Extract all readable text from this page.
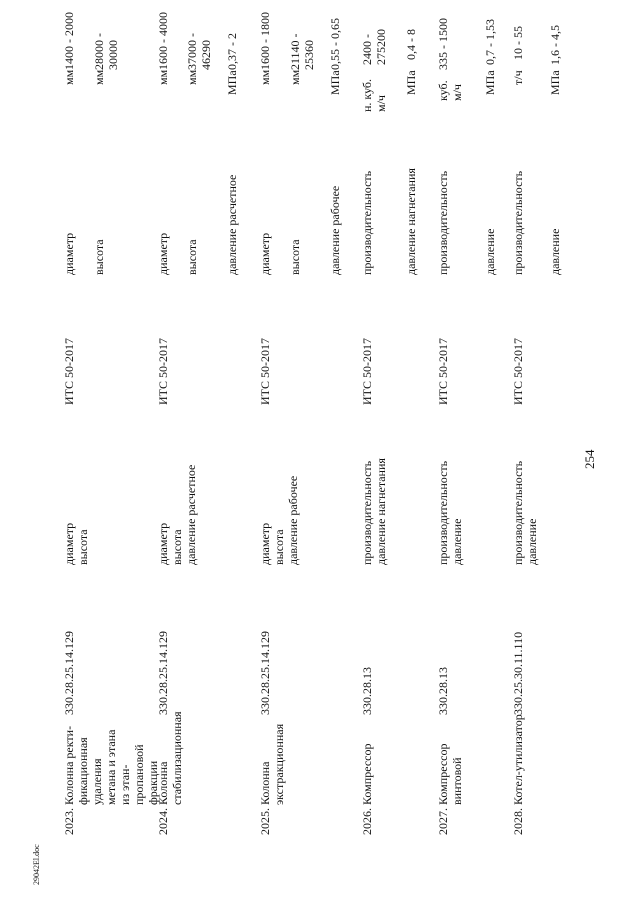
254
29042El.doc
2023.
Колонна ректи-фикационная удаления метана и этана из этан-пропановой фракции
330.28.25.14.129
диаметр высота
ИТС 50-2017
диаметр
мм
1400 - 2000
высота
мм
28000 - 30000
2024.
Колонна стабилизационная
330.28.25.14.129
диаметр высота давление расчетное
ИТС 50-2017
диаметр
мм
1600 - 4000
высота
мм
37000 - 46290
давление расчетное
МПа
0,37 - 2
2025.
Колонна экстракционная
330.28.25.14.129
диаметр высота давление рабочее
ИТС 50-2017
диаметр
мм
1600 - 1800
высота
мм
21140 - 25360
давление рабочее
МПа
0,55 - 0,65
2026.
Компрессор
330.28.13
производительность давление нагнетания
ИТС 50-2017
производительность
н. куб. м/ч
2400 - 275200
давление нагнетания
МПа
0,4 - 8
2027.
Компрессор винтовой
330.28.13
производительность давление
ИТС 50-2017
производительность
куб. м/ч
335 - 1500
давление
МПа
0,7 - 1,53
2028.
Котел-утилизатор
330.25.30.11.110
производительность давление
ИТС 50-2017
производительность
т/ч
10 - 55
давление
МПа
1,6 - 4,5
